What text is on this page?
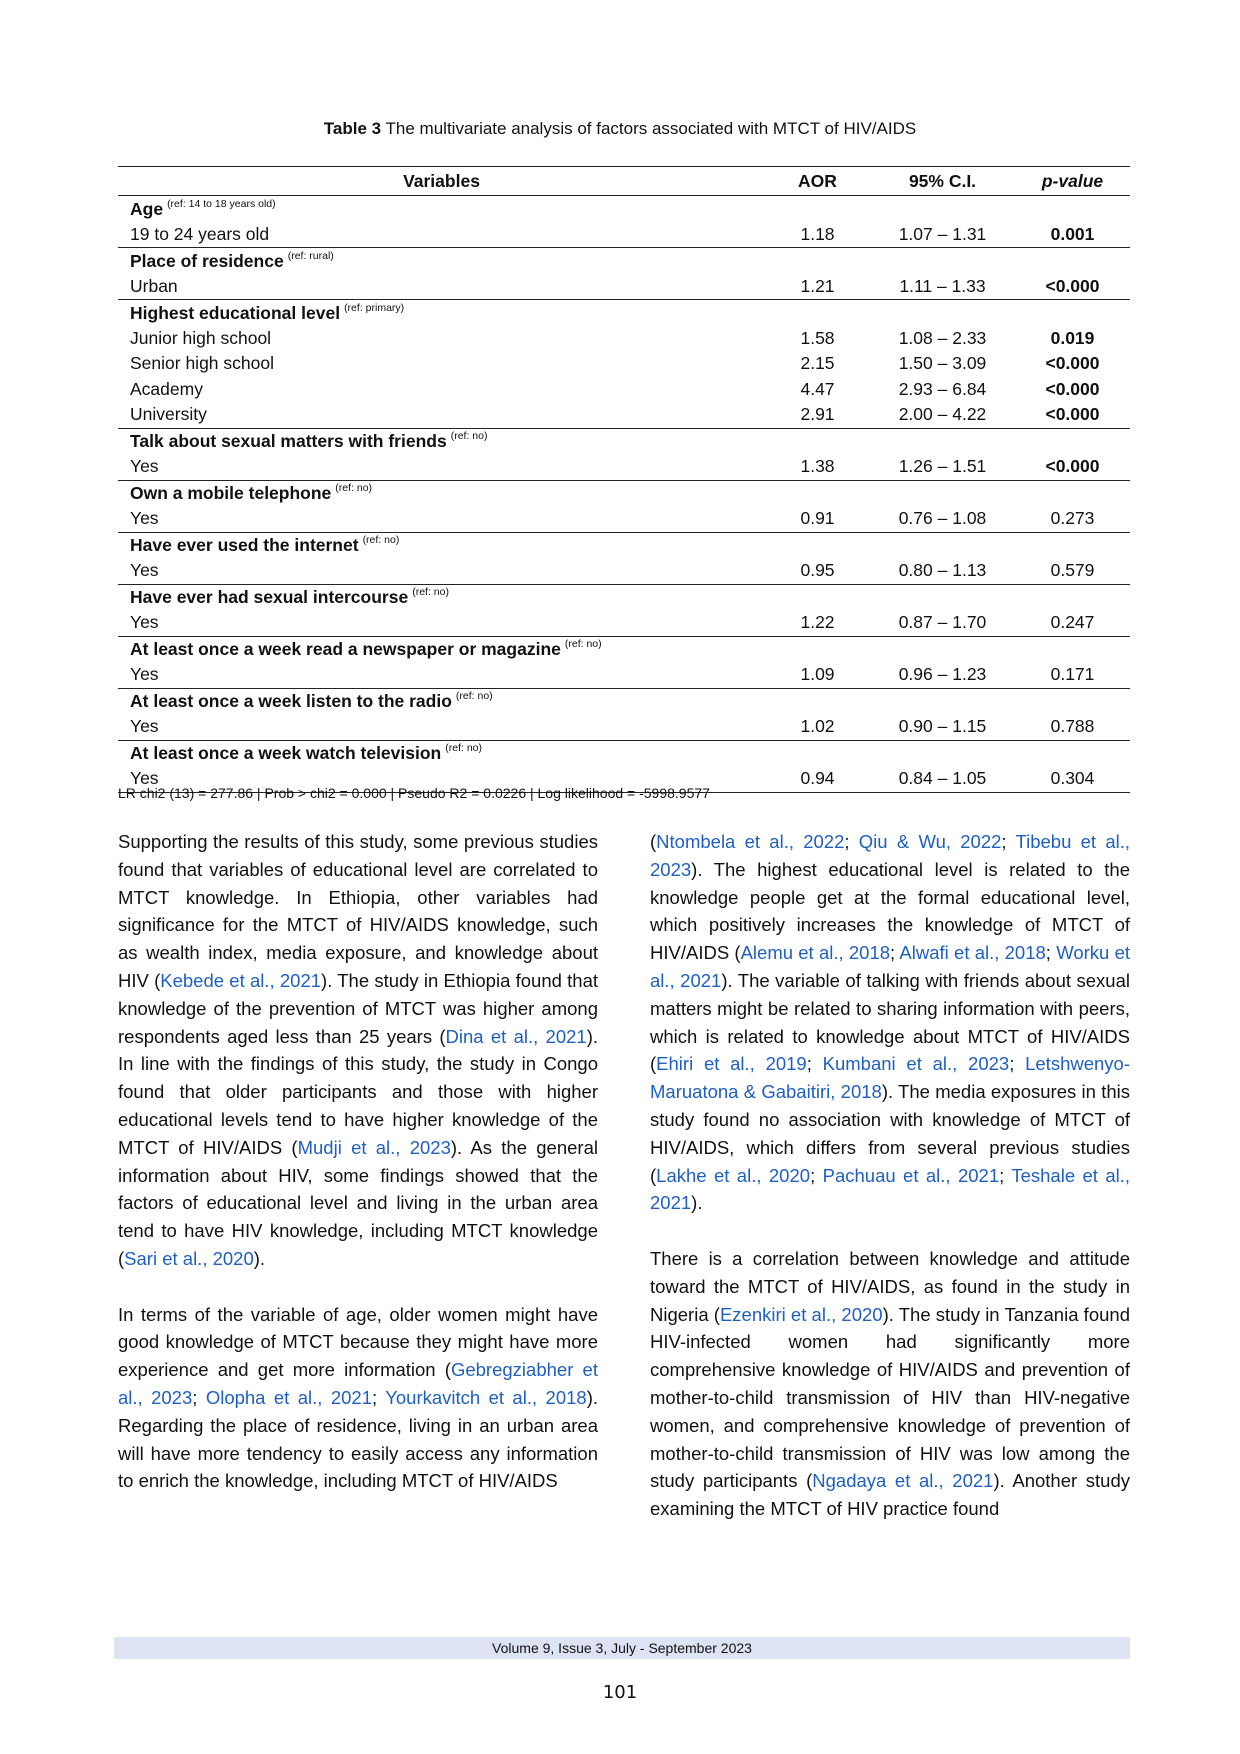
Table 3 The multivariate analysis of factors associated with MTCT of HIV/AIDS
Variables	AOR	95% C.I.	p-value
Age $^{(ref: 14 to 18 years old)}$
19 to 24 years old	1.18	1.07 – 1.31	0.001
Place of residence $^{(ref: rural)}$
Urban	1.21	1.11 – 1.33	<0.000
Highest educational level $^{(ref: primary)}$
Junior high school	1.58	1.08 – 2.33	0.019
Senior high school	2.15	1.50 – 3.09	<0.000
Academy	4.47	2.93 – 6.84	<0.000
University	2.91	2.00 – 4.22	<0.000
Talk about sexual matters with friends $^{(ref: no)}$
Yes	1.38	1.26 – 1.51	<0.000
Own a mobile telephone $^{(ref: no)}$
Yes	0.91	0.76 – 1.08	0.273
Have ever used the internet $^{(ref: no)}$
Yes	0.95	0.80 – 1.13	0.579
Have ever had sexual intercourse $^{(ref: no)}$
Yes	1.22	0.87 – 1.70	0.247
At least once a week read a newspaper or magazine $^{(ref: no)}$
Yes	1.09	0.96 – 1.23	0.171
At least once a week listen to the radio $^{(ref: no)}$
Yes	1.02	0.90 – 1.15	0.788
At least once a week watch television $^{(ref: no)}$
Yes	0.94	0.84 – 1.05	0.304
LR chi2 (13) = 277.86 | Prob > chi2 = 0.000 | Pseudo R2 = 0.0226 | Log likelihood = -5998.9577

Supporting the results of this study, some previous studies found that variables of educational level are correlated to MTCT knowledge. In Ethiopia, other variables had significance for the MTCT of HIV/AIDS knowledge, such as wealth index, media exposure, and knowledge about HIV (Kebede et al., 2021). The study in Ethiopia found that knowledge of the prevention of MTCT was higher among respondents aged less than 25 years (Dina et al., 2021). In line with the findings of this study, the study in Congo found that older participants and those with higher educational levels tend to have higher knowledge of the MTCT of HIV/AIDS (Mudji et al., 2023). As the general information about HIV, some findings showed that the factors of educational level and living in the urban area tend to have HIV knowledge, including MTCT knowledge (Sari et al., 2020).

In terms of the variable of age, older women might have good knowledge of MTCT because they might have more experience and get more information (Gebregziabher et al., 2023; Olopha et al., 2021; Yourkavitch et al., 2018). Regarding the place of residence, living in an urban area will have more tendency to easily access any information to enrich the knowledge, including MTCT of HIV/AIDS

(Ntombela et al., 2022; Qiu & Wu, 2022; Tibebu et al., 2023). The highest educational level is related to the knowledge people get at the formal educational level, which positively increases the knowledge of MTCT of HIV/AIDS (Alemu et al., 2018; Alwafi et al., 2018; Worku et al., 2021). The variable of talking with friends about sexual matters might be related to sharing information with peers, which is related to knowledge about MTCT of HIV/AIDS (Ehiri et al., 2019; Kumbani et al., 2023; Letshwenyo-Maruatona & Gabaitiri, 2018). The media exposures in this study found no association with knowledge of MTCT of HIV/AIDS, which differs from several previous studies (Lakhe et al., 2020; Pachuau et al., 2021; Teshale et al., 2021).

There is a correlation between knowledge and attitude toward the MTCT of HIV/AIDS, as found in the study in Nigeria (Ezenkiri et al., 2020). The study in Tanzania found HIV-infected women had significantly more comprehensive knowledge of HIV/AIDS and prevention of mother-to-child transmission of HIV than HIV-negative women, and comprehensive knowledge of prevention of mother-to-child transmission of HIV was low among the study participants (Ngadaya et al., 2021). Another study examining the MTCT of HIV practice found

Volume 9, Issue 3, July - September 2023
101
